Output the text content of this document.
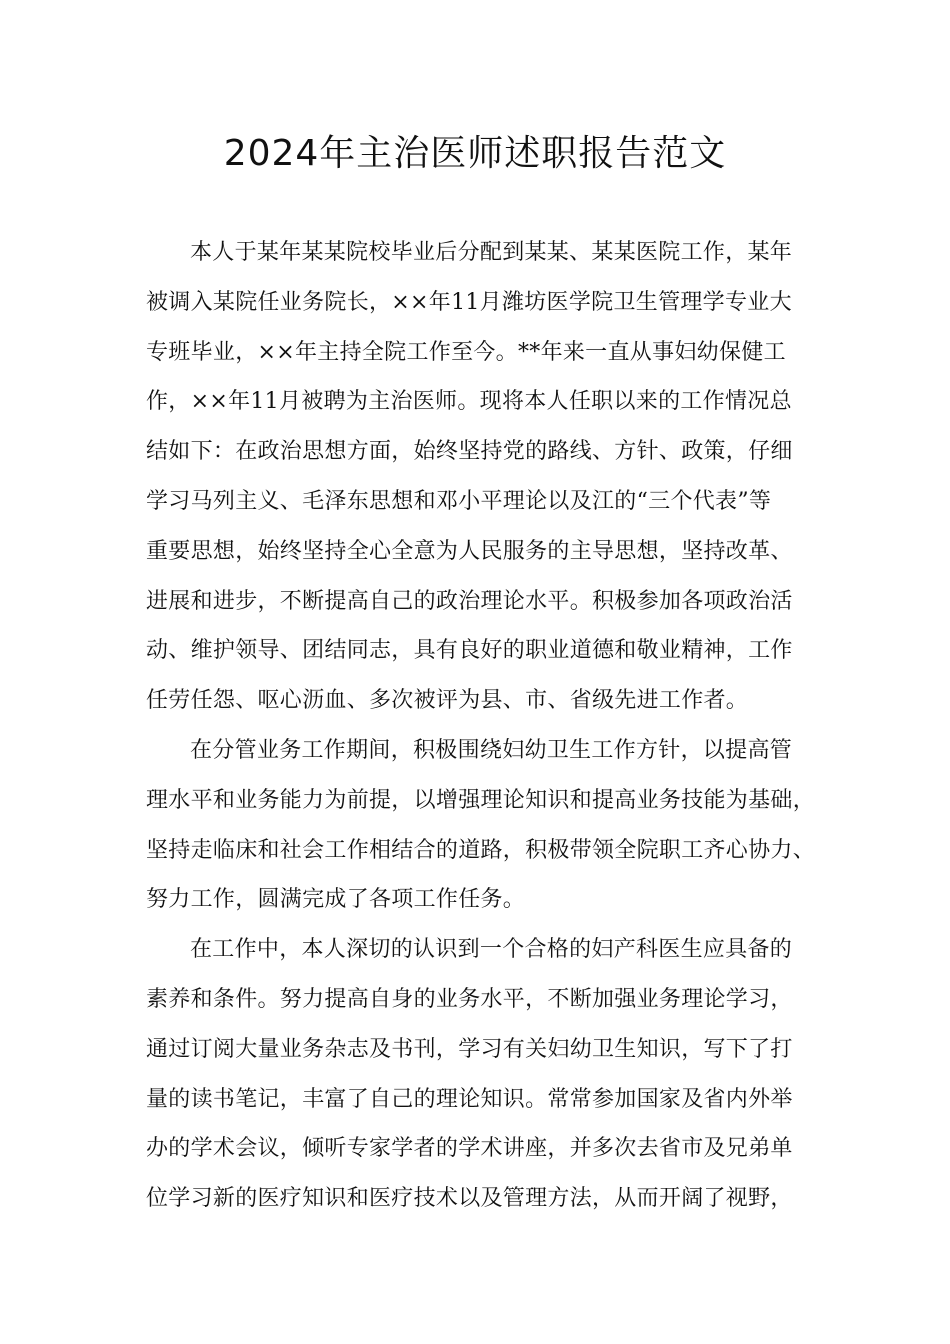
2024年主治医师述职报告范文
本人于某年某某院校毕业后分配到某某、某某医院工作，某年
被调入某院任业务院长，××年11月潍坊医学院卫生管理学专业大
专班毕业，××年主持全院工作至今。**年来一直从事妇幼保健工
作，××年11月被聘为主治医师。现将本人任职以来的工作情况总
结如下：在政治思想方面，始终坚持党的路线、方针、政策，仔细
学习马列主义、毛泽东思想和邓小平理论以及江的“三个代表”等
重要思想，始终坚持全心全意为人民服务的主导思想，坚持改革、
进展和进步，不断提高自己的政治理论水平。积极参加各项政治活
动、维护领导、团结同志，具有良好的职业道德和敬业精神，工作
任劳任怨、呕心沥血、多次被评为县、市、省级先进工作者。
在分管业务工作期间，积极围绕妇幼卫生工作方针，以提高管
理水平和业务能力为前提，以增强理论知识和提高业务技能为基础，
坚持走临床和社会工作相结合的道路，积极带领全院职工齐心协力、
努力工作，圆满完成了各项工作任务。
在工作中，本人深切的认识到一个合格的妇产科医生应具备的
素养和条件。努力提高自身的业务水平，不断加强业务理论学习，
通过订阅大量业务杂志及书刊，学习有关妇幼卫生知识，写下了打
量的读书笔记，丰富了自己的理论知识。常常参加国家及省内外举
办的学术会议，倾听专家学者的学术讲座，并多次去省市及兄弟单
位学习新的医疗知识和医疗技术以及管理方法，从而开阔了视野，
